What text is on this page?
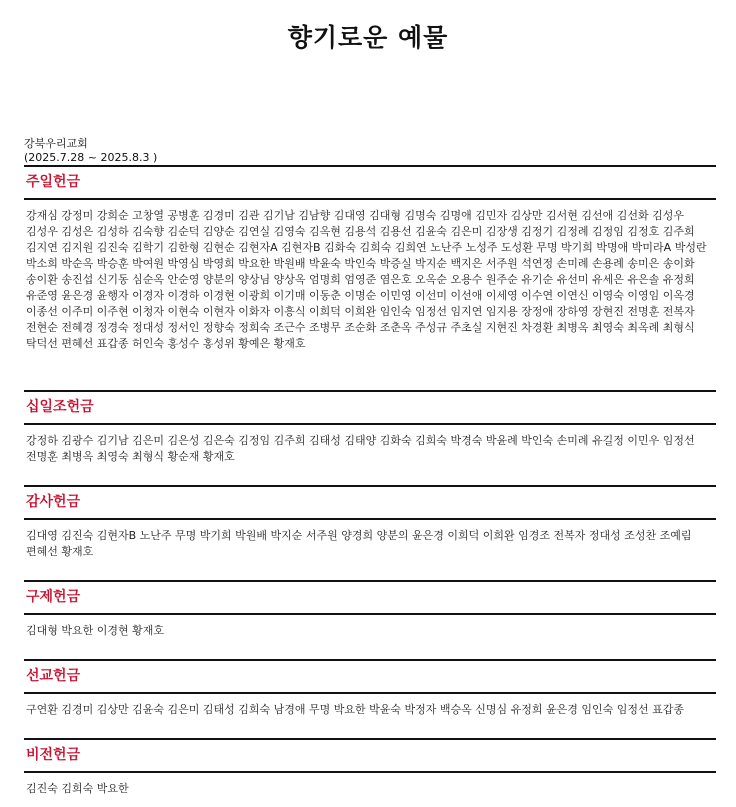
향기로운 예물
강북우리교회
(2025.7.28 ~ 2025.8.3 )
주일헌금
강재심 강정미 강희순 고창열 공병훈 김경미 김관 김기남 김남향 김대영 김대형 김명숙 김명애 김민자 김상만 김서현 김선애 김선화 김성우 김성우 김성은 김성하 김숙향 김순덕 김양순 김연실 김영숙 김옥현 김용석 김용선 김윤숙 김은미 김장생 김정기 김정례 김정임 김정호 김주희 김지연 김지원 김진숙 김학기 김한형 김현순 김현자A 김현자B 김화숙 김희숙 김희연 노난주 노성주 도성환 무명 박기희 박명애 박미라A 박성란 박소희 박순옥 박승훈 박여원 박영심 박영희 박요한 박원배 박윤숙 박인숙 박증실 박지순 백지은 서주원 석연정 손미례 손용례 송미은 송이화 송이환 송진섭 신기동 심순옥 안순영 양분의 양상님 양상옥 엄명희 엄영준 염은호 오옥순 오용수 원주순 유기순 유선미 유세은 유은솔 유정희 유준영 윤은경 윤행자 이경자 이경하 이경현 이광희 이기매 이동춘 이명순 이민영 이선미 이선애 이세영 이수연 이연신 이영숙 이영임 이옥경 이종선 이주미 이주현 이청자 이현숙 이현자 이화자 이흥식 이희덕 이희완 임인숙 임정선 임지연 임지용 장정애 장하영 장현진 전명훈 전복자 전현순 전혜경 정경숙 정대성 정서인 정향숙 정희숙 조근수 조병무 조순화 조춘옥 주성규 주초실 지현진 차경환 최병옥 최영숙 최옥례 최형식 탁덕선 편혜선 표갑종 허인숙 홍성수 홍성위 황예은 황재호
십일조헌금
강정하 김광수 김기남 김은미 김은성 김은숙 김정임 김주희 김태성 김태양 김화숙 김희숙 박경숙 박윤례 박인숙 손미례 유길정 이민우 임정선 전명훈 최병옥 최영숙 최형식 황순재 황재호
감사헌금
김대영 김진숙 김현자B 노난주 무명 박기희 박원배 박지순 서주원 양경희 양분의 윤은경 이희덕 이희완 임경조 전복자 정대성 조성찬 조예림 편혜선 황재호
구제헌금
김대형 박요한 이경현 황재호
선교헌금
구연환 김경미 김상만 김윤숙 김은미 김태성 김희숙 남경애 무명 박요한 박윤숙 박정자 백승옥 신명심 유정희 윤은경 임인숙 임정선 표갑종
비전헌금
김진숙 김희숙 박요한
